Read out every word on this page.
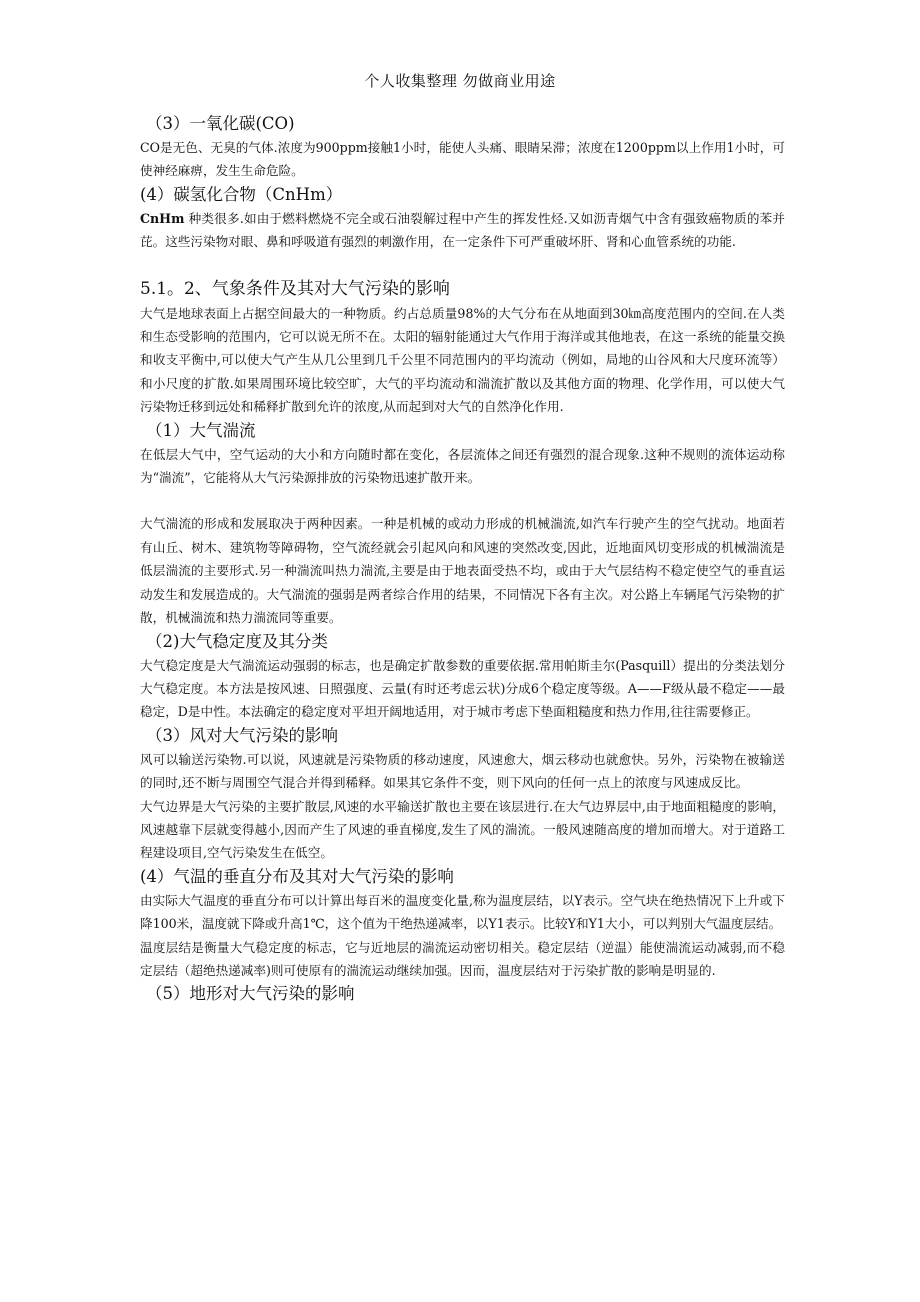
个人收集整理 勿做商业用途
（3）一氧化碳(CO)

CO是无色、无臭的气体.浓度为900ppm接触1小时，能使人头痛、眼睛呆滞；浓度在1200ppm以上作用1小时，可使神经麻痹，发生生命危险。

(4）碳氢化合物（CnHm）

CnHm 种类很多.如由于燃料燃烧不完全或石油裂解过程中产生的挥发性烃.又如沥青烟气中含有强致癌物质的苯并芘。这些污染物对眼、鼻和呼吸道有强烈的刺激作用，在一定条件下可严重破坏肝、肾和心血管系统的功能.

5.1。2、气象条件及其对大气污染的影响

大气是地球表面上占据空间最大的一种物质。约占总质量98%的大气分布在从地面到30㎞高度范围内的空间.在人类和生态受影响的范围内，它可以说无所不在。太阳的辐射能通过大气作用于海洋或其他地表，在这一系统的能量交换和收支平衡中,可以使大气产生从几公里到几千公里不同范围内的平均流动（例如，局地的山谷风和大尺度环流等）和小尺度的扩散.如果周围环境比较空旷，大气的平均流动和湍流扩散以及其他方面的物理、化学作用，可以使大气污染物迁移到远处和稀释扩散到允许的浓度,从而起到对大气的自然净化作用.

（1）大气湍流

在低层大气中，空气运动的大小和方向随时都在变化，各层流体之间还有强烈的混合现象.这种不规则的流体运动称为“湍流”，它能将从大气污染源排放的污染物迅速扩散开来。

大气湍流的形成和发展取决于两种因素。一种是机械的或动力形成的机械湍流,如汽车行驶产生的空气扰动。地面若有山丘、树木、建筑物等障碍物，空气流经就会引起风向和风速的突然改变,因此，近地面风切变形成的机械湍流是低层湍流的主要形式.另一种湍流叫热力湍流,主要是由于地表面受热不均，或由于大气层结构不稳定使空气的垂直运动发生和发展造成的。大气湍流的强弱是两者综合作用的结果，不同情况下各有主次。对公路上车辆尾气污染物的扩散，机械湍流和热力湍流同等重要。

（2)大气稳定度及其分类

大气稳定度是大气湍流运动强弱的标志，也是确定扩散参数的重要依据.常用帕斯圭尔(Pasquill）提出的分类法划分大气稳定度。本方法是按风速、日照强度、云量(有时还考虑云状)分成6个稳定度等级。A——F级从最不稳定——最稳定，D是中性。本法确定的稳定度对平坦开阔地适用，对于城市考虑下垫面粗糙度和热力作用,往往需要修正。

（3）风对大气污染的影响

风可以输送污染物.可以说，风速就是污染物质的移动速度，风速愈大，烟云移动也就愈快。另外，污染物在被输送的同时,还不断与周围空气混合并得到稀释。如果其它条件不变，则下风向的任何一点上的浓度与风速成反比。

大气边界是大气污染的主要扩散层,风速的水平输送扩散也主要在该层进行.在大气边界层中,由于地面粗糙度的影响，风速越靠下层就变得越小,因而产生了风速的垂直梯度,发生了风的湍流。一般风速随高度的增加而增大。对于道路工程建设项目,空气污染发生在低空。

(4）气温的垂直分布及其对大气污染的影响

由实际大气温度的垂直分布可以计算出每百米的温度变化量,称为温度层结，以Y表示。空气块在绝热情况下上升或下降100米，温度就下降或升高1℃，这个值为干绝热递减率，以Y1表示。比较Y和Y1大小，可以判别大气温度层结。

温度层结是衡量大气稳定度的标志，它与近地层的湍流运动密切相关。稳定层结（逆温）能使湍流运动减弱,而不稳定层结（超绝热递减率)则可使原有的湍流运动继续加强。因而，温度层结对于污染扩散的影响是明显的.

（5）地形对大气污染的影响
